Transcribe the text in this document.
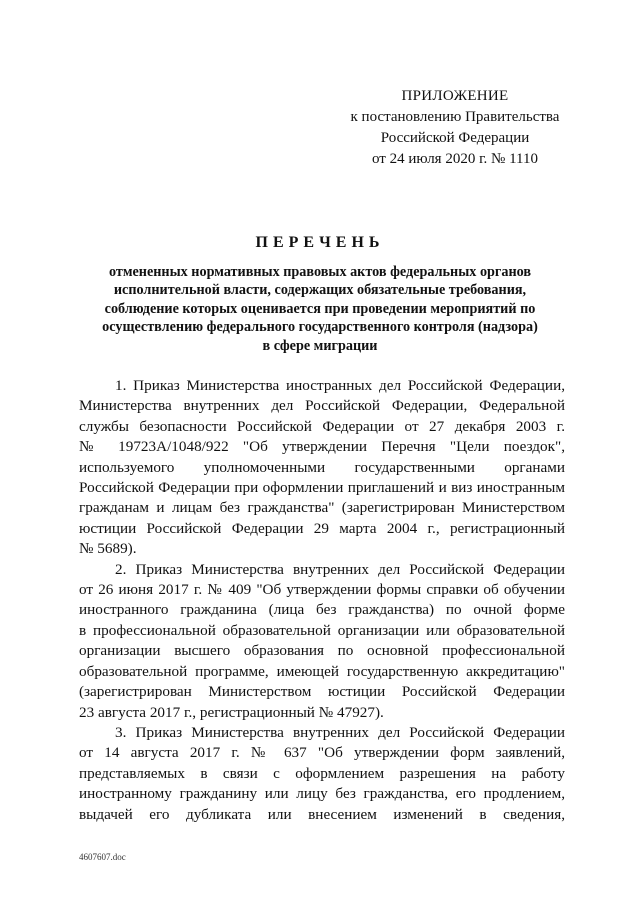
ПРИЛОЖЕНИЕ
к постановлению Правительства
Российской Федерации
от 24 июля 2020 г. № 1110
ПЕРЕЧЕНЬ
отмененных нормативных правовых актов федеральных органов
исполнительной власти, содержащих обязательные требования,
соблюдение которых оценивается при проведении мероприятий по
осуществлению федерального государственного контроля (надзора)
в сфере миграции
1. Приказ Министерства иностранных дел Российской Федерации,
Министерства внутренних дел Российской Федерации, Федеральной
службы безопасности Российской Федерации от 27 декабря 2003 г.
№ 19723А/1048/922 "Об утверждении Перечня "Цели поездок",
используемого уполномоченными государственными органами
Российской Федерации при оформлении приглашений и виз иностранным
гражданам и лицам без гражданства" (зарегистрирован Министерством
юстиции Российской Федерации 29 марта 2004 г., регистрационный
№ 5689).
2. Приказ Министерства внутренних дел Российской Федерации
от 26 июня 2017 г. № 409 "Об утверждении формы справки об обучении
иностранного гражданина (лица без гражданства) по очной форме
в профессиональной образовательной организации или образовательной
организации высшего образования по основной профессиональной
образовательной программе, имеющей государственную аккредитацию"
(зарегистрирован Министерством юстиции Российской Федерации
23 августа 2017 г., регистрационный № 47927).
3. Приказ Министерства внутренних дел Российской Федерации
от 14 августа 2017 г. № 637 "Об утверждении форм заявлений,
представляемых в связи с оформлением разрешения на работу
иностранному гражданину или лицу без гражданства, его продлением,
выдачей его дубликата или внесением изменений в сведения,
4607607.doc
